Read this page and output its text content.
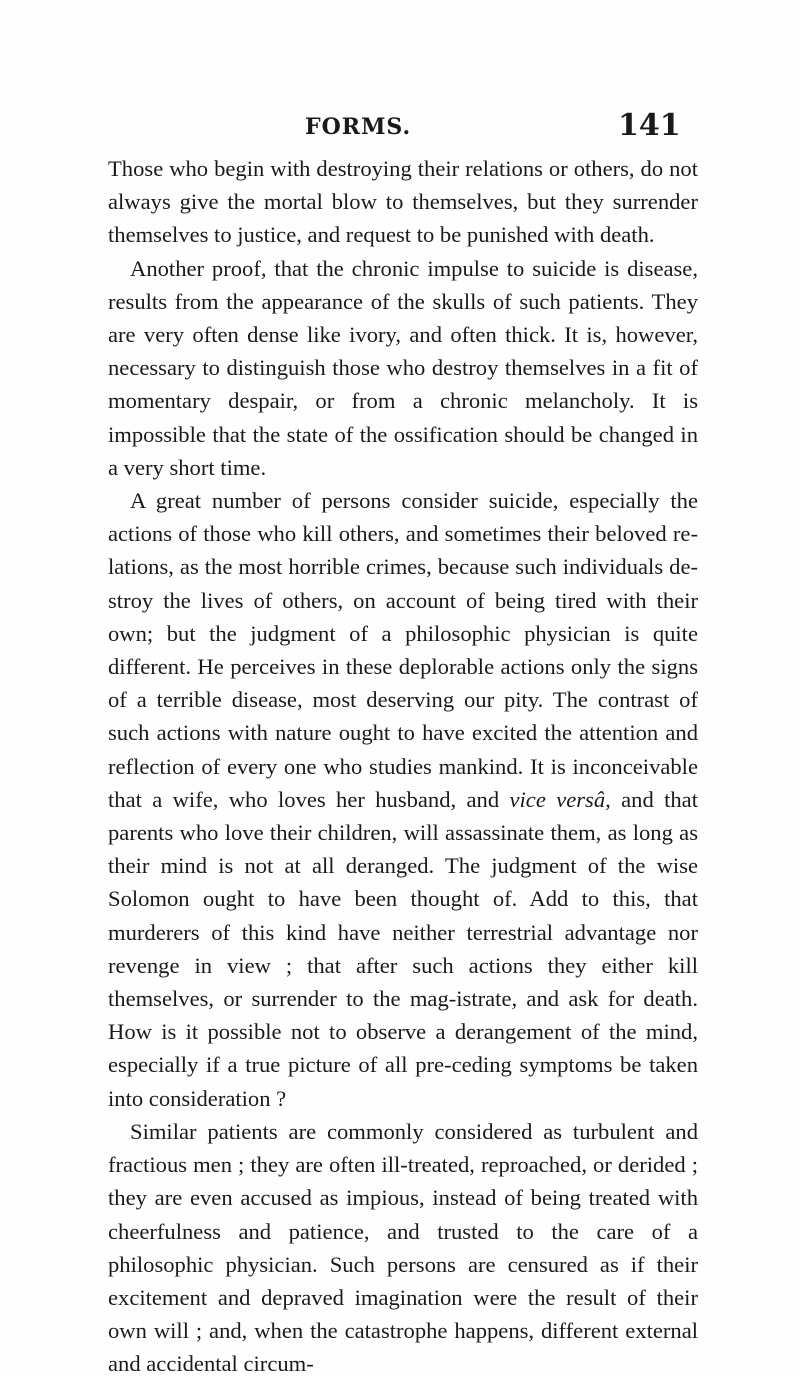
FORMS.	141

Those who begin with destroying their relations or others, do not always give the mortal blow to themselves, but they surrender themselves to justice, and request to be punished with death.

Another proof, that the chronic impulse to suicide is disease, results from the appearance of the skulls of such patients. They are very often dense like ivory, and often thick. It is, however, necessary to distinguish those who destroy themselves in a fit of momentary despair, or from a chronic melancholy. It is impossible that the state of the ossification should be changed in a very short time.

A great number of persons consider suicide, especially the actions of those who kill others, and sometimes their beloved re-lations, as the most horrible crimes, because such individuals de-stroy the lives of others, on account of being tired with their own; but the judgment of a philosophic physician is quite different. He perceives in these deplorable actions only the signs of a terrible disease, most deserving our pity. The contrast of such actions with nature ought to have excited the attention and reflection of every one who studies mankind. It is inconceivable that a wife, who loves her husband, and vice versâ, and that parents who love their children, will assassinate them, as long as their mind is not at all deranged. The judgment of the wise Solomon ought to have been thought of. Add to this, that murderers of this kind have neither terrestrial advantage nor revenge in view ; that after such actions they either kill themselves, or surrender to the mag-istrate, and ask for death. How is it possible not to observe a derangement of the mind, especially if a true picture of all pre-ceding symptoms be taken into consideration ?

Similar patients are commonly considered as turbulent and fractious men ; they are often ill-treated, reproached, or derided ; they are even accused as impious, instead of being treated with cheerfulness and patience, and trusted to the care of a philosophic physician. Such persons are censured as if their excitement and depraved imagination were the result of their own will ; and, when the catastrophe happens, different external and accidental circum-
